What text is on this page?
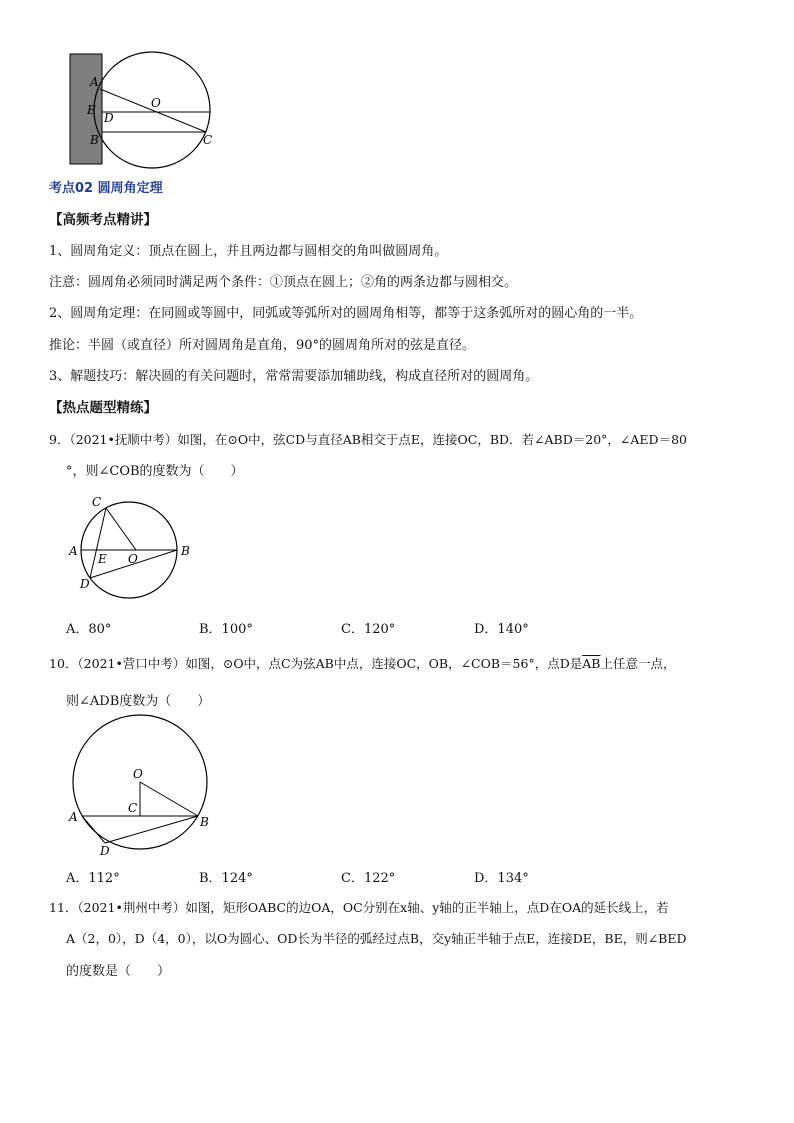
A
E
D
O
B	C
考点02 圆周角定理
【高频考点精讲】
1、圆周角定义：顶点在圆上，并且两边都与圆相交的角叫做圆周角。
注意：圆周角必须同时满足两个条件：①顶点在圆上；②角的两条边都与圆相交。
2、圆周角定理：在同圆或等圆中，同弧或等弧所对的圆周角相等，都等于这条弧所对的圆心角的一半。
推论：半圆（或直径）所对圆周角是直角，90°的圆周角所对的弦是直径。
3、解题技巧：解决圆的有关问题时，常常需要添加辅助线，构成直径所对的圆周角。
【热点题型精练】
9．（2021•抚顺中考）如图，在⊙O中，弦CD与直径AB相交于点E，连接OC，BD．若∠ABD＝20°，∠AED＝80
°，则∠COB的度数为（　　）
C
A
E O
B
D
A．80°	B．100°	C．120°	D．140°
10．（2021•营口中考）如图，⊙O中，点C为弦AB中点，连接OC，OB，∠COB＝56°，点D是$\overline{AB}$上任意一点，
则∠ADB度数为（　　）
O
C
A	B
D
A．112°	B．124°	C．122°	D．134°
11．（2021•荆州中考）如图，矩形OABC的边OA，OC分别在x轴、y轴的正半轴上，点D在OA的延长线上，若
A（2，0），D（4，0），以O为圆心、OD长为半径的弧经过点B，交y轴正半轴于点E，连接DE，BE，则∠BED
的度数是（　　）
